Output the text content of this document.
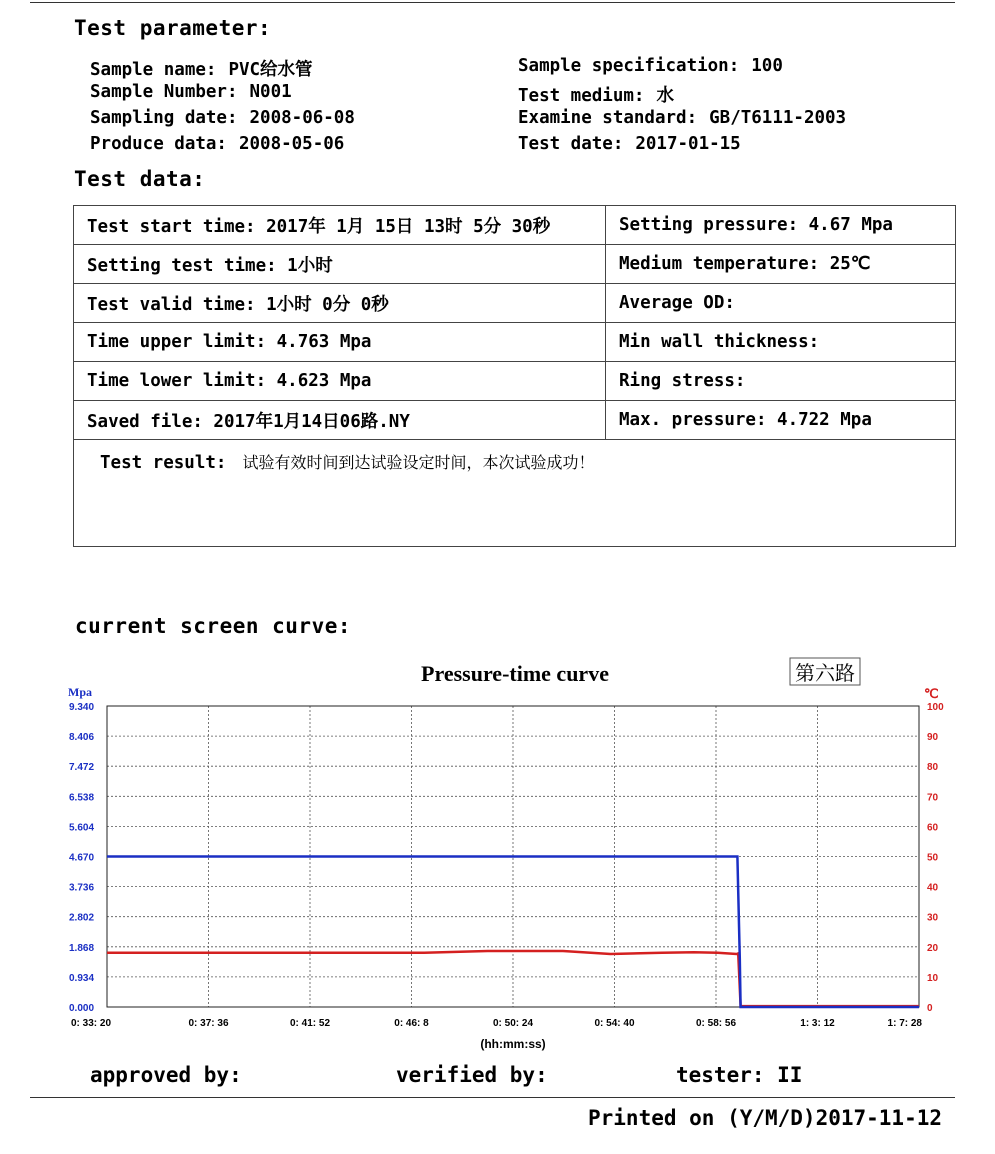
Test parameter:
Sample name: PVC给水管
Sample Number: N001
Sampling date: 2008-06-08
Produce data: 2008-05-06
Sample specification: 100
Test medium: 水
Examine standard: GB/T6111-2003
Test date: 2017-01-15
Test data:
Test start time: 2017年 1月 15日 13时 5分 30秒	Setting pressure: 4.67 Mpa
Setting test time: 1小时	Medium temperature: 25℃
Test valid time: 1小时 0分 0秒	Average OD:
Time upper limit: 4.763 Mpa	Min wall thickness:
Time lower limit: 4.623 Mpa	Ring stress:
Saved file: 2017年1月14日06路.NY	Max. pressure: 4.722 Mpa
Test result: 试验有效时间到达试验设定时间，本次试验成功！	
current screen curve:
Pressure-time curve	第六路
Mpa	℃
0.000
0.934
1.868
2.802
3.736
4.670
5.604
6.538
7.472
8.406
9.340
0
10
20
30
40
50
60
70
80
90
100
0: 33: 20	0: 37: 36	0: 41: 52	0: 46: 8	0: 50: 24	0: 54: 40	0: 58: 56	1: 3: 12	1: 7: 28
(hh:mm:ss)
approved by:	verified by:	tester: II
Printed on (Y/M/D)2017-11-12
